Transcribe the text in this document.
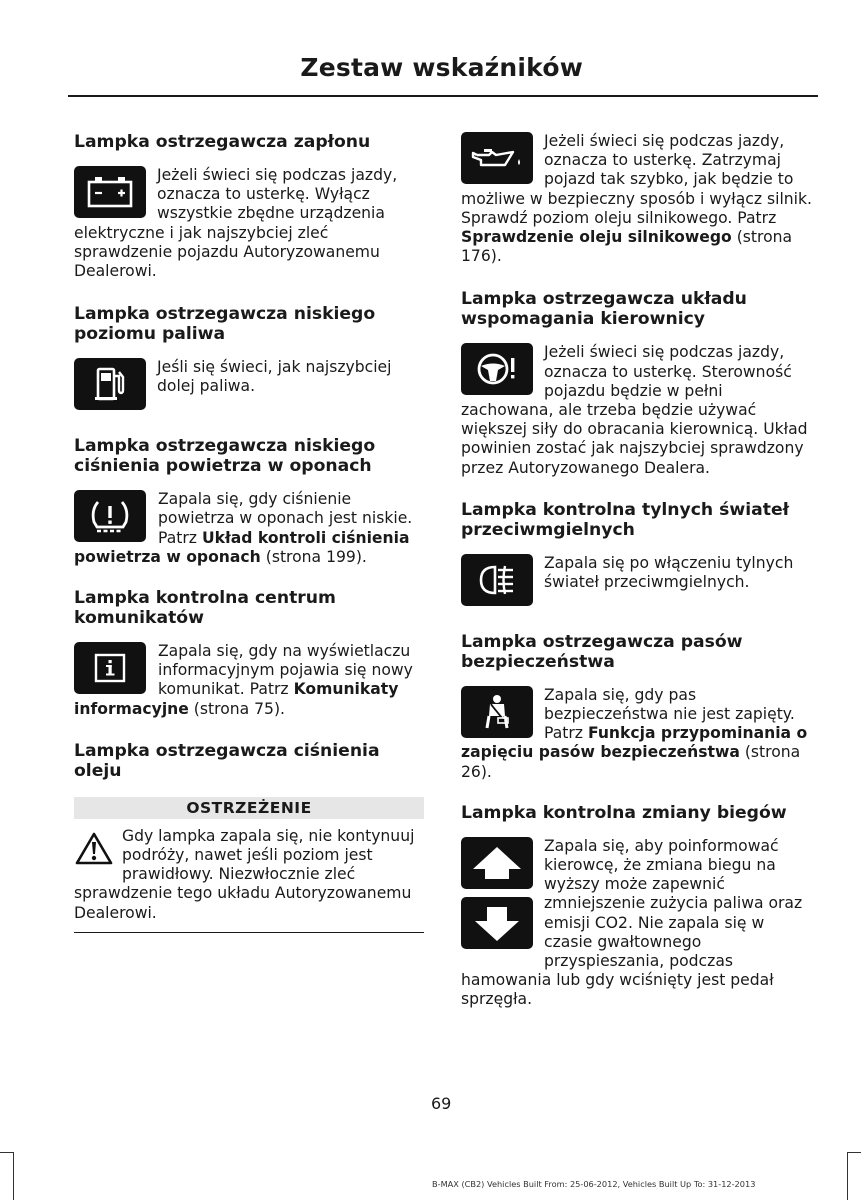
Zestaw wskaźników
Lampka ostrzegawcza zapłonu

Jeżeli świeci się podczas jazdy, oznacza to usterkę. Wyłącz wszystkie zbędne urządzenia elektryczne i jak najszybciej zleć sprawdzenie pojazdu Autoryzowanemu Dealerowi.

Lampka ostrzegawcza niskiego poziomu paliwa

Jeśli się świeci, jak najszybciej dolej paliwa.

Lampka ostrzegawcza niskiego ciśnienia powietrza w oponach

Zapala się, gdy ciśnienie powietrza w oponach jest niskie. Patrz Układ kontroli ciśnienia powietrza w oponach (strona 199).

Lampka kontrolna centrum komunikatów

Zapala się, gdy na wyświetlaczu informacyjnym pojawia się nowy komunikat. Patrz Komunikaty informacyjne (strona 75).

Lampka ostrzegawcza ciśnienia oleju
OSTRZEŻENIE

Gdy lampka zapala się, nie kontynuuj podróży, nawet jeśli poziom jest prawidłowy. Niezwłocznie zleć sprawdzenie tego układu Autoryzowanemu Dealerowi.

Jeżeli świeci się podczas jazdy, oznacza to usterkę. Zatrzymaj pojazd tak szybko, jak będzie to możliwe w bezpieczny sposób i wyłącz silnik. Sprawdź poziom oleju silnikowego. Patrz Sprawdzenie oleju silnikowego (strona 176).

Lampka ostrzegawcza układu wspomagania kierownicy

Jeżeli świeci się podczas jazdy, oznacza to usterkę. Sterowność pojazdu będzie w pełni zachowana, ale trzeba będzie używać większej siły do obracania kierownicą. Układ powinien zostać jak najszybciej sprawdzony przez Autoryzowanego Dealera.

Lampka kontrolna tylnych świateł przeciwmgielnych

Zapala się po włączeniu tylnych świateł przeciwmgielnych.

Lampka ostrzegawcza pasów bezpieczeństwa

Zapala się, gdy pas bezpieczeństwa nie jest zapięty. Patrz Funkcja przypominania o zapięciu pasów bezpieczeństwa (strona 26).

Lampka kontrolna zmiany biegów

Zapala się, aby poinformować kierowcę, że zmiana biegu na wyższy może zapewnić zmniejszenie zużycia paliwa oraz emisji CO2. Nie zapala się w czasie gwałtownego przyspieszania, podczas hamowania lub gdy wciśnięty jest pedał sprzęgła.

69
B-MAX (CB2) Vehicles Built From: 25-06-2012, Vehicles Built Up To: 31-12-2013
